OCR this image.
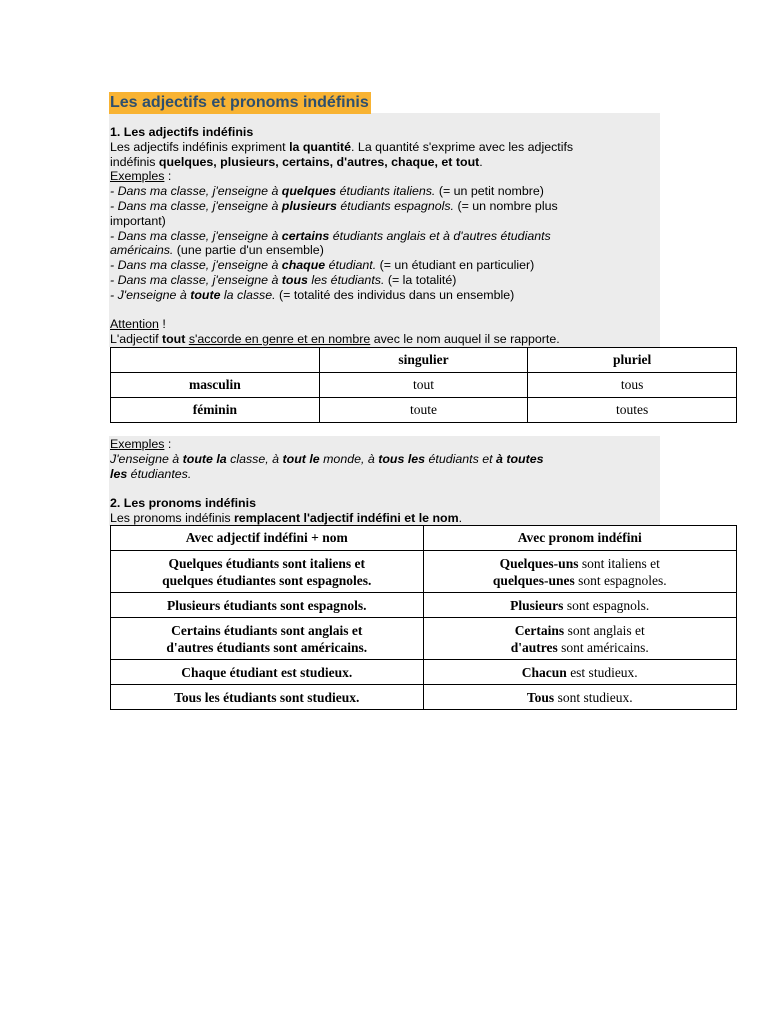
Les adjectifs et pronoms indéfinis
1. Les adjectifs indéfinis
Les adjectifs indéfinis expriment la quantité. La quantité s'exprime avec les adjectifs
indéfinis quelques, plusieurs, certains, d'autres, chaque, et tout.
Exemples :
- Dans ma classe, j'enseigne à quelques étudiants italiens. (= un petit nombre)
- Dans ma classe, j'enseigne à plusieurs étudiants espagnols. (= un nombre plus
important)
- Dans ma classe, j'enseigne à certains étudiants anglais et à d'autres étudiants
américains. (une partie d'un ensemble)
- Dans ma classe, j'enseigne à chaque étudiant. (= un étudiant en particulier)
- Dans ma classe, j'enseigne à tous les étudiants. (= la totalité)
- J'enseigne à toute la classe. (= totalité des individus dans un ensemble)

Attention !
L'adjectif tout s'accorde en genre et en nombre avec le nom auquel il se rapporte.
	singulier	pluriel
masculin	tout	tous
féminin	toute	toutes
Exemples :
J'enseigne à toute la classe, à tout le monde, à tous les étudiants et à toutes
les étudiantes.

2. Les pronoms indéfinis
Les pronoms indéfinis remplacent l'adjectif indéfini et le nom.
Avec adjectif indéfini + nom	Avec pronom indéfini

Quelques étudiants sont italiens et
quelques étudiantes sont espagnoles.	Quelques-uns sont italiens et
quelques-unes sont espagnoles.

Plusieurs étudiants sont espagnols.	Plusieurs sont espagnols.

Certains étudiants sont anglais et
d'autres étudiants sont américains.	Certains sont anglais et
d'autres sont américains.

Chaque étudiant est studieux.	Chacun est studieux.

Tous les étudiants sont studieux.	Tous sont studieux.
